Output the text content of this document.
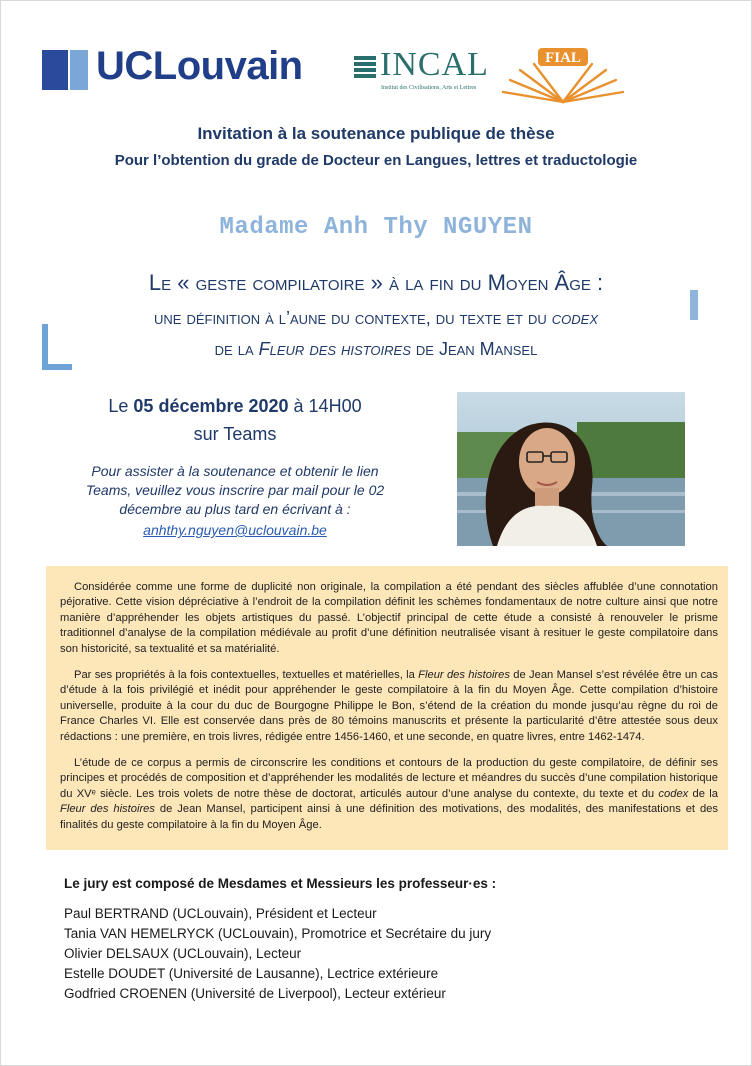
UCLouvain INCAL
Institut des Civilisations, Arts et Lettres
FIAL
Invitation à la soutenance publique de thèse
Pour l’obtention du grade de Docteur en Langues, lettres et traductologie
Madame Anh Thy NGUYEN
Le « geste compilatoire » à la fin du Moyen Âge :
une définition à l’aune du contexte, du texte et du codex
de la Fleur des histoires de Jean Mansel
Le 05 décembre 2020 à 14H00
sur Teams
Pour assister à la soutenance et obtenir le lien Teams, veuillez vous inscrire par mail pour le 02 décembre au plus tard en écrivant à :
anhthy.nguyen@uclouvain.be

Considérée comme une forme de duplicité non originale, la compilation a été pendant des siècles affublée d’une connotation péjorative. Cette vision dépréciative à l’endroit de la compilation définit les schèmes fondamentaux de notre culture ainsi que notre manière d’appréhender les objets artistiques du passé. L’objectif principal de cette étude a consisté à renouveler le prisme traditionnel d’analyse de la compilation médiévale au profit d’une définition neutralisée visant à resituer le geste compilatoire dans son historicité, sa textualité et sa matérialité.

Par ses propriétés à la fois contextuelles, textuelles et matérielles, la Fleur des histoires de Jean Mansel s’est révélée être un cas d’étude à la fois privilégié et inédit pour appréhender le geste compilatoire à la fin du Moyen Âge. Cette compilation d’histoire universelle, produite à la cour du duc de Bourgogne Philippe le Bon, s’étend de la création du monde jusqu’au règne du roi de France Charles VI. Elle est conservée dans près de 80 témoins manuscrits et présente la particularité d’être attestée sous deux rédactions : une première, en trois livres, rédigée entre 1456-1460, et une seconde, en quatre livres, entre 1462-1474.

L’étude de ce corpus a permis de circonscrire les conditions et contours de la production du geste compilatoire, de définir ses principes et procédés de composition et d’appréhender les modalités de lecture et méandres du succès d’une compilation historique du XVᵉ siècle. Les trois volets de notre thèse de doctorat, articulés autour d’une analyse du contexte, du texte et du codex de la Fleur des histoires de Jean Mansel, participent ainsi à une définition des motivations, des modalités, des manifestations et des finalités du geste compilatoire à la fin du Moyen Âge.

Le jury est composé de Mesdames et Messieurs les professeur·es :
Paul BERTRAND (UCLouvain), Président et Lecteur
Tania VAN HEMELRYCK (UCLouvain), Promotrice et Secrétaire du jury
Olivier DELSAUX (UCLouvain), Lecteur
Estelle DOUDET (Université de Lausanne), Lectrice extérieure
Godfried CROENEN (Université de Liverpool), Lecteur extérieur
